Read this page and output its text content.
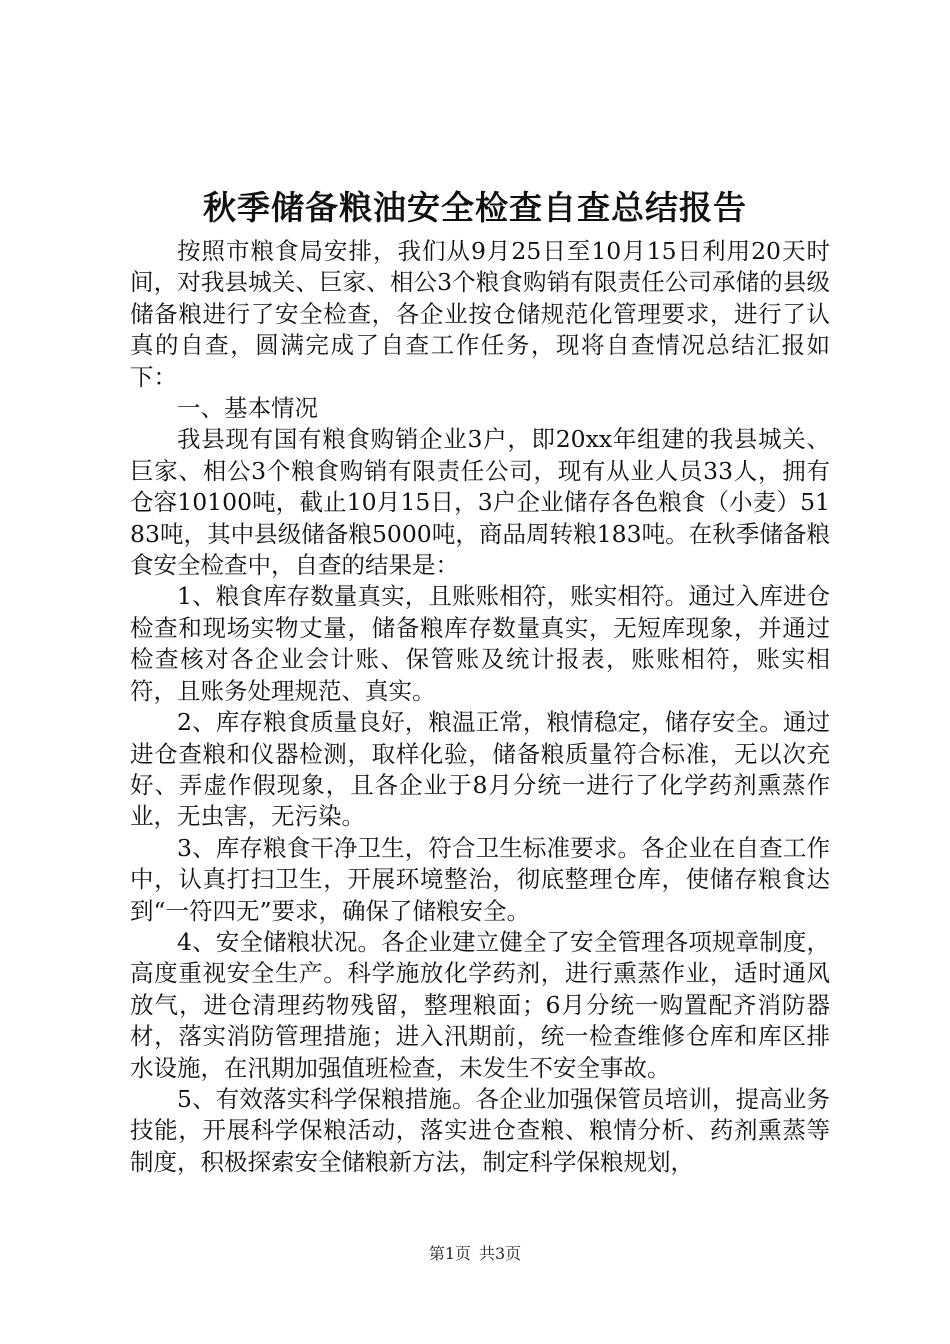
秋季储备粮油安全检查自查总结报告

按照市粮食局安排，我们从9月25日至10月15日利用20天时间，对我县城关、巨家、相公3个粮食购销有限责任公司承储的县级储备粮进行了安全检查，各企业按仓储规范化管理要求，进行了认真的自查，圆满完成了自查工作任务，现将自查情况总结汇报如下：

一、基本情况

我县现有国有粮食购销企业3户，即20xx年组建的我县城关、巨家、相公3个粮食购销有限责任公司，现有从业人员33人，拥有仓容10100吨，截止10月15日，3户企业储存各色粮食（小麦）5183吨，其中县级储备粮5000吨，商品周转粮183吨。在秋季储备粮食安全检查中，自查的结果是：

1、粮食库存数量真实，且账账相符，账实相符。通过入库进仓检查和现场实物丈量，储备粮库存数量真实，无短库现象，并通过检查核对各企业会计账、保管账及统计报表，账账相符，账实相符，且账务处理规范、真实。

2、库存粮食质量良好，粮温正常，粮情稳定，储存安全。通过进仓查粮和仪器检测，取样化验，储备粮质量符合标准，无以次充好、弄虚作假现象，且各企业于8月分统一进行了化学药剂熏蒸作业，无虫害，无污染。

3、库存粮食干净卫生，符合卫生标准要求。各企业在自查工作中，认真打扫卫生，开展环境整治，彻底整理仓库，使储存粮食达到“一符四无”要求，确保了储粮安全。

4、安全储粮状况。各企业建立健全了安全管理各项规章制度，高度重视安全生产。科学施放化学药剂，进行熏蒸作业，适时通风放气，进仓清理药物残留，整理粮面；6月分统一购置配齐消防器材，落实消防管理措施；进入汛期前，统一检查维修仓库和库区排水设施，在汛期加强值班检查，未发生不安全事故。

5、有效落实科学保粮措施。各企业加强保管员培训，提高业务技能，开展科学保粮活动，落实进仓查粮、粮情分析、药剂熏蒸等制度，积极探索安全储粮新方法，制定科学保粮规划，

第1页 共3页
